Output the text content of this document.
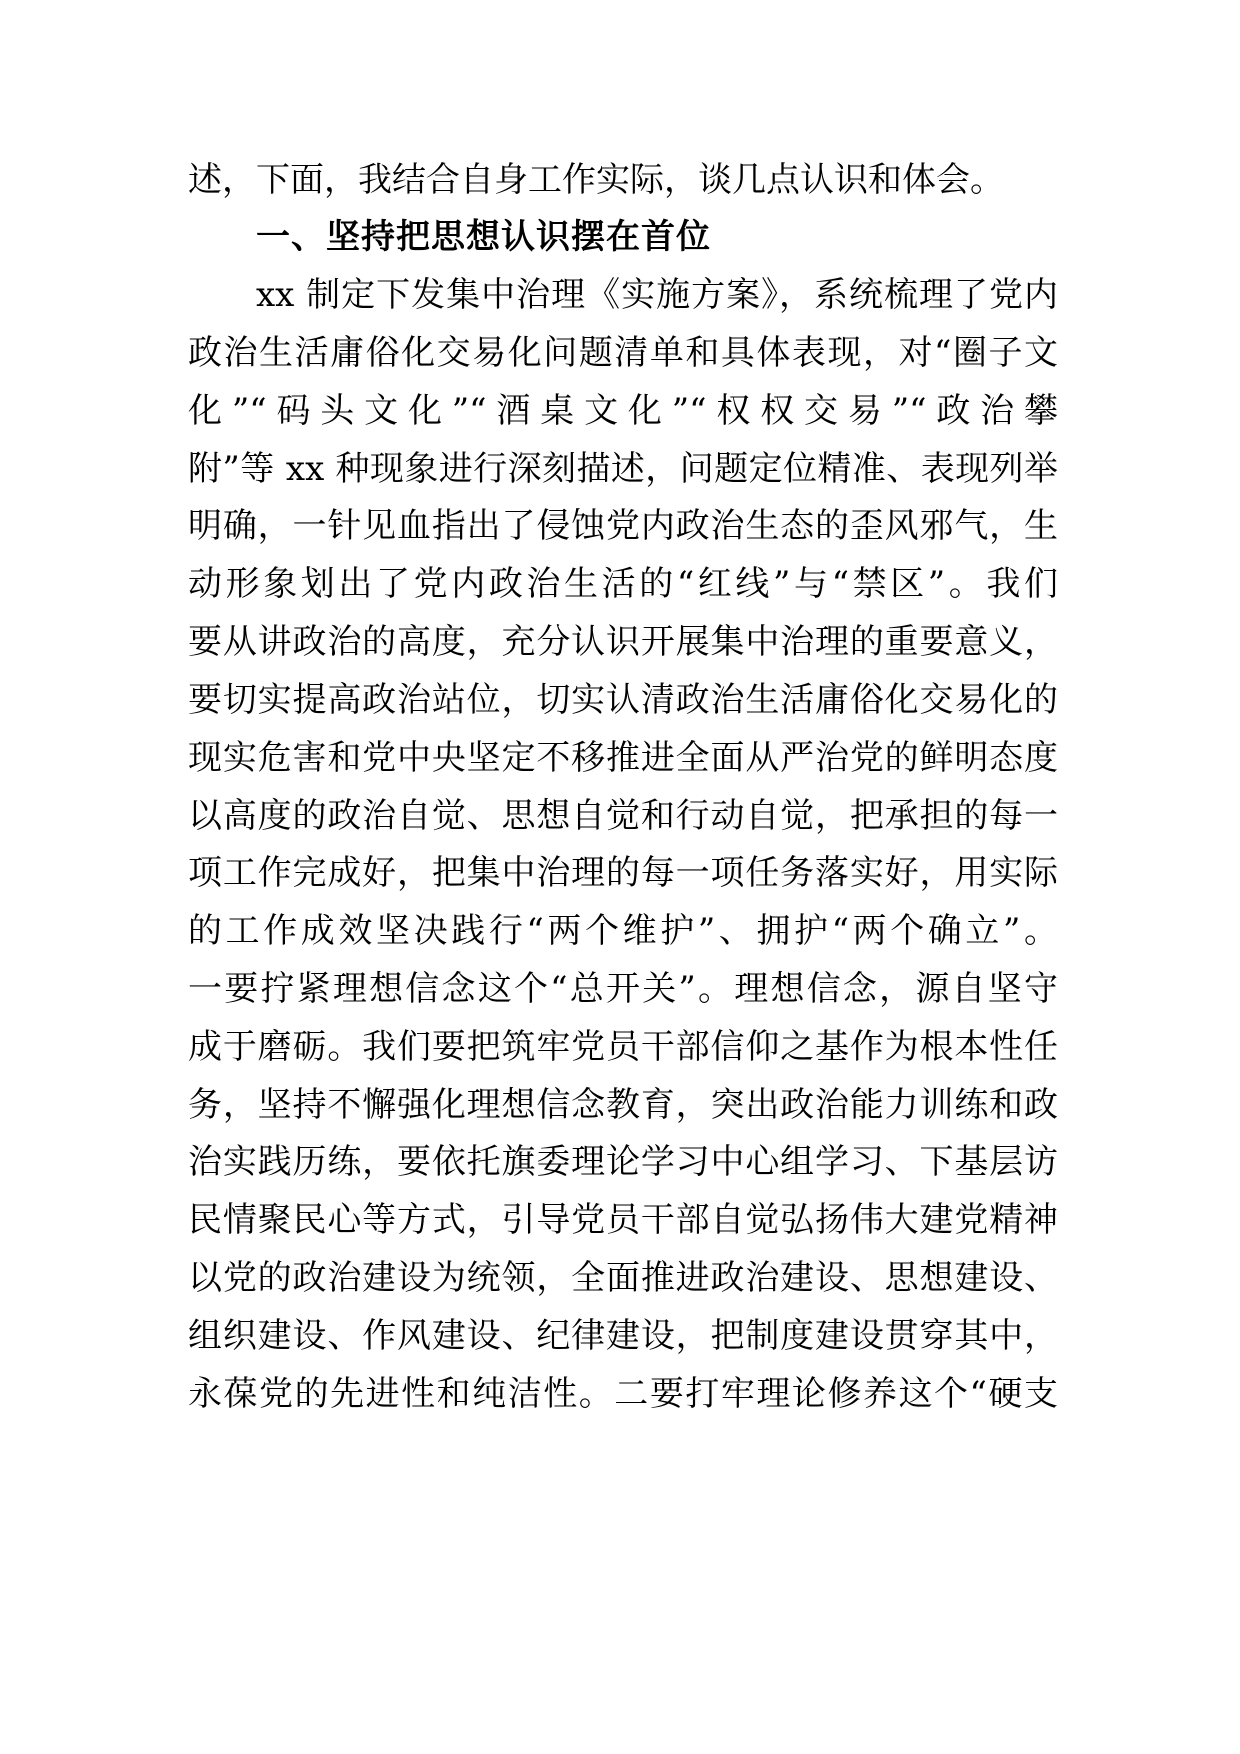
述，下面，我结合自身工作实际，谈几点认识和体会。
一、坚持把思想认识摆在首位
xx 制定下发集中治理《实施方案》，系统梳理了党内
政治生活庸俗化交易化问题清单和具体表现，对“圈子文
化”“码头文化”“酒桌文化”“权权交易”“政治攀
附”等 xx 种现象进行深刻描述，问题定位精准、表现列举
明确，一针见血指出了侵蚀党内政治生态的歪风邪气，生
动形象划出了党内政治生活的“红线”与“禁区”。我们
要从讲政治的高度，充分认识开展集中治理的重要意义，
要切实提高政治站位，切实认清政治生活庸俗化交易化的
现实危害和党中央坚定不移推进全面从严治党的鲜明态度
以高度的政治自觉、思想自觉和行动自觉，把承担的每一
项工作完成好，把集中治理的每一项任务落实好，用实际
的工作成效坚决践行“两个维护”、拥护“两个确立”。
一要拧紧理想信念这个“总开关”。理想信念，源自坚守
成于磨砺。我们要把筑牢党员干部信仰之基作为根本性任
务，坚持不懈强化理想信念教育，突出政治能力训练和政
治实践历练，要依托旗委理论学习中心组学习、下基层访
民情聚民心等方式，引导党员干部自觉弘扬伟大建党精神
以党的政治建设为统领，全面推进政治建设、思想建设、
组织建设、作风建设、纪律建设，把制度建设贯穿其中，
永葆党的先进性和纯洁性。二要打牢理论修养这个“硬支
